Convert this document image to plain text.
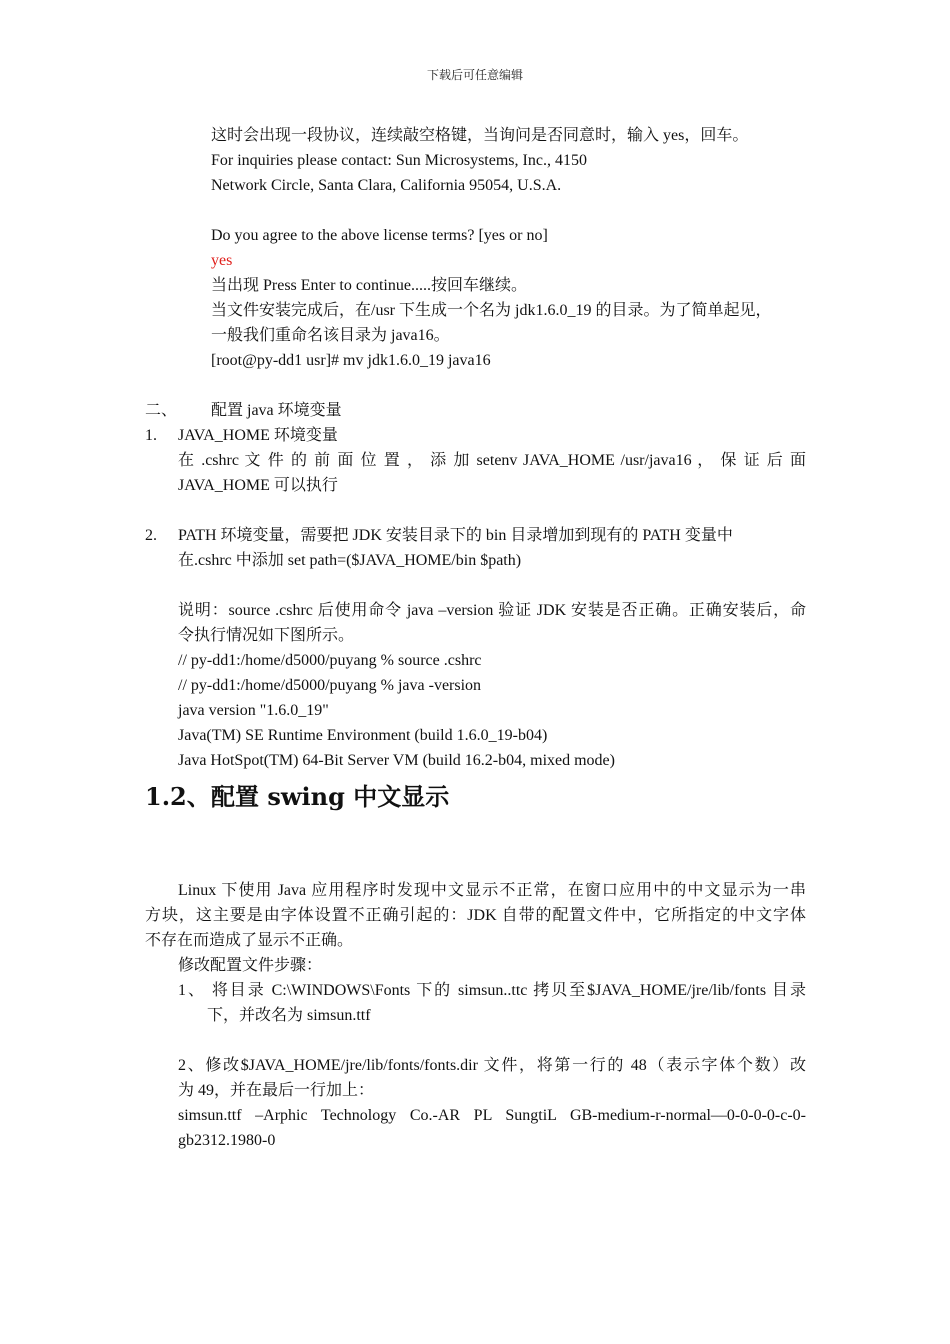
下载后可任意编辑
这时会出现一段协议，连续敲空格键，当询问是否同意时，输入 yes，回车。
For inquiries please contact: Sun Microsystems, Inc., 4150
Network Circle, Santa Clara, California 95054, U.S.A.
Do you agree to the above license terms? [yes or no]
yes
当出现 Press Enter to continue.....按回车继续。
当文件安装完成后，在/usr 下生成一个名为 jdk1.6.0_19 的目录。为了简单起见，
一般我们重命名该目录为 java16。
[root@py-dd1 usr]# mv jdk1.6.0_19 java16
二、 配置 java 环境变量
1. JAVA_HOME 环境变量
在 .cshrc 文 件 的 前 面 位 置 ， 添 加 setenv JAVA_HOME /usr/java16 ， 保 证 后 面
JAVA_HOME 可以执行
2. PATH 环境变量，需要把 JDK 安装目录下的 bin 目录增加到现有的 PATH 变量中
在.cshrc 中添加 set path=($JAVA_HOME/bin $path)
说明：source .cshrc 后使用命令 java –version 验证 JDK 安装是否正确。正确安装后，命
令执行情况如下图所示。
// py-dd1:/home/d5000/puyang % source .cshrc
// py-dd1:/home/d5000/puyang % java -version
java version "1.6.0_19"
Java(TM) SE Runtime Environment (build 1.6.0_19-b04)
Java HotSpot(TM) 64-Bit Server VM (build 16.2-b04, mixed mode)
1.2、 配置 swing 中文显示
Linux 下使用 Java 应用程序时发现中文显示不正常，在窗口应用中的中文显示为一串
方块，这主要是由字体设置不正确引起的：JDK 自带的配置文件中，它所指定的中文字体
不存在而造成了显示不正确。
修改配置文件步骤：
1、 将目录 C:\WINDOWS\Fonts 下的 simsun..ttc 拷贝至$JAVA_HOME/jre/lib/fonts 目录
下，并改名为 simsun.ttf
2、修改$JAVA_HOME/jre/lib/fonts/fonts.dir 文件，将第一行的 48（表示字体个数）改
为 49，并在最后一行加上：
simsun.ttf –Arphic Technology Co.-AR PL SungtiL GB-medium-r-normal—0-0-0-0-c-0-
gb2312.1980-0
